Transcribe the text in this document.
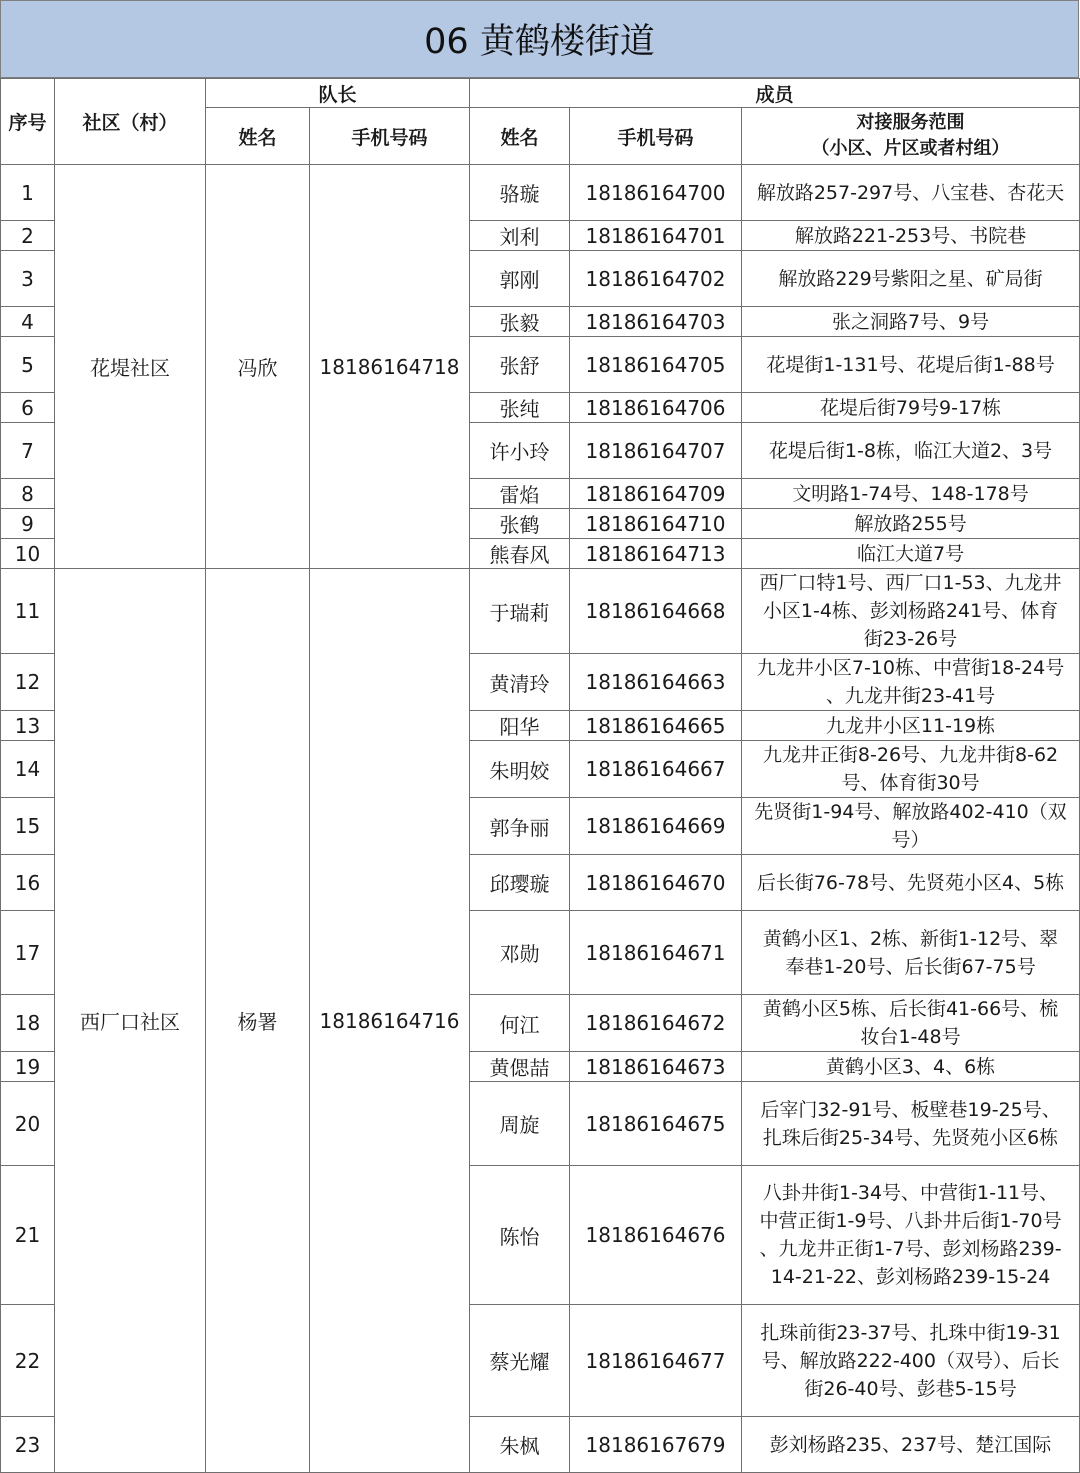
06 黄鹤楼街道
序号	社区（村）	队长		成员		
		姓名	手机号码	姓名	手机号码	对接服务范围
（小区、片区或者村组）
1	花堤社区	冯欣	18186164718	骆璇	18186164700	解放路257-297号、八宝巷、杏花天
2				刘利	18186164701	解放路221-253号、书院巷
3				郭刚	18186164702	解放路229号紫阳之星、矿局街
4				张毅	18186164703	张之洞路7号、9号
5				张舒	18186164705	花堤街1-131号、花堤后街1-88号
6				张纯	18186164706	花堤后街79号9-17栋
7				许小玲	18186164707	花堤后街1-8栋，临江大道2、3号
8				雷焰	18186164709	文明路1-74号、148-178号
9				张鹤	18186164710	解放路255号
10				熊春风	18186164713	临江大道7号
11	西厂口社区	杨署	18186164716	于瑞莉	18186164668	西厂口特1号、西厂口1-53、九龙井
小区1-4栋、彭刘杨路241号、体育
街23-26号
12				黄清玲	18186164663	九龙井小区7-10栋、中营街18-24号
、九龙井街23-41号
13				阳华	18186164665	九龙井小区11-19栋
14				朱明姣	18186164667	九龙井正街8-26号、九龙井街8-62
号、体育街30号
15				郭争丽	18186164669	先贤街1-94号、解放路402-410（双
号）
16				邱璎璇	18186164670	后长街76-78号、先贤苑小区4、5栋
17				邓勋	18186164671	黄鹤小区1、2栋、新街1-12号、翠
奉巷1-20号、后长街67-75号
18				何江	18186164672	黄鹤小区5栋、后长街41-66号、梳
妆台1-48号
19				黄偲喆	18186164673	黄鹤小区3、4、6栋
20				周旋	18186164675	后宰门32-91号、板壁巷19-25号、
扎珠后街25-34号、先贤苑小区6栋
21				陈怡	18186164676	八卦井街1-34号、中营街1-11号、
中营正街1-9号、八卦井后街1-70号
、九龙井正街1-7号、彭刘杨路239-
14-21-22、彭刘杨路239-15-24
22				蔡光耀	18186164677	扎珠前街23-37号、扎珠中街19-31
号、解放路222-400（双号）、后长
街26-40号、彭巷5-15号
23				朱枫	18186167679	彭刘杨路235、237号、楚江国际
